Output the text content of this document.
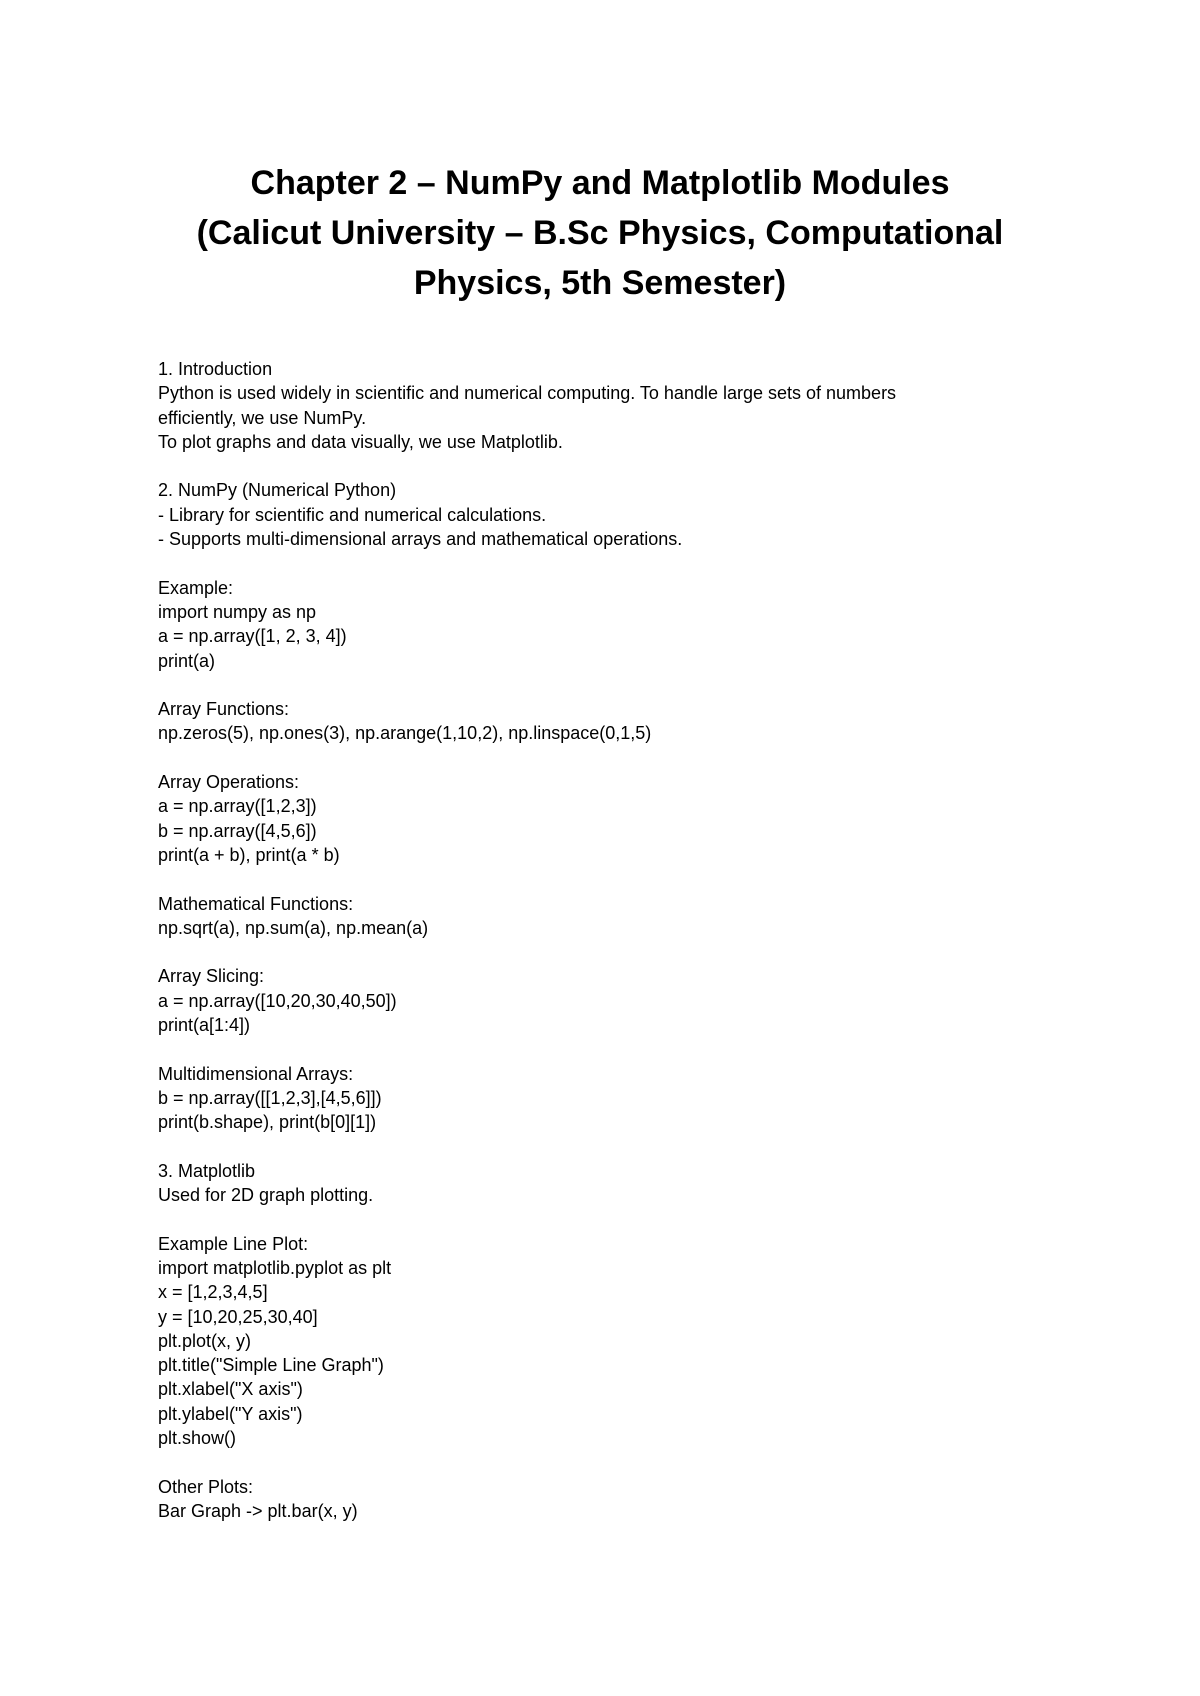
Chapter 2 – NumPy and Matplotlib Modules
(Calicut University – B.Sc Physics, Computational
Physics, 5th Semester)

1. Introduction

Python is used widely in scientific and numerical computing. To handle large sets of numbers

efficiently, we use NumPy.

To plot graphs and data visually, we use Matplotlib.

2. NumPy (Numerical Python)

- Library for scientific and numerical calculations.

- Supports multi-dimensional arrays and mathematical operations.

Example:

import numpy as np

a = np.array([1, 2, 3, 4])

print(a)

Array Functions:

np.zeros(5), np.ones(3), np.arange(1,10,2), np.linspace(0,1,5)

Array Operations:

a = np.array([1,2,3])

b = np.array([4,5,6])

print(a + b), print(a * b)

Mathematical Functions:

np.sqrt(a), np.sum(a), np.mean(a)

Array Slicing:

a = np.array([10,20,30,40,50])

print(a[1:4])

Multidimensional Arrays:

b = np.array([[1,2,3],[4,5,6]])

print(b.shape), print(b[0][1])

3. Matplotlib

Used for 2D graph plotting.

Example Line Plot:

import matplotlib.pyplot as plt

x = [1,2,3,4,5]

y = [10,20,25,30,40]

plt.plot(x, y)

plt.title("Simple Line Graph")

plt.xlabel("X axis")

plt.ylabel("Y axis")

plt.show()

Other Plots:

Bar Graph -> plt.bar(x, y)
